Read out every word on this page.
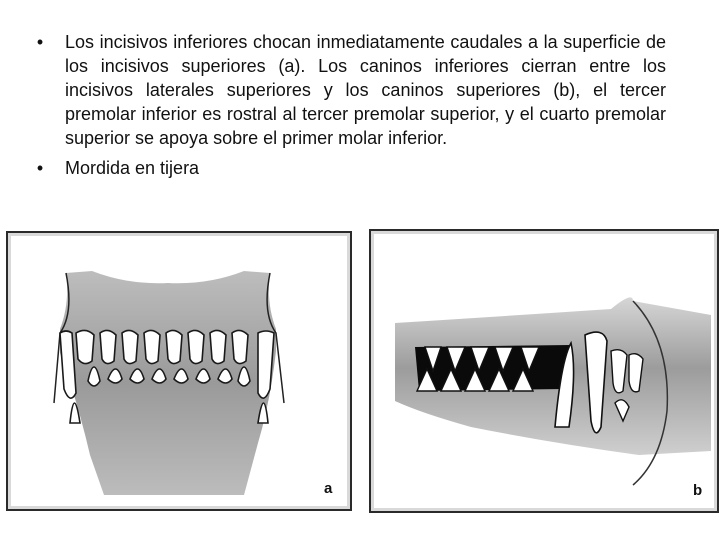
•	Los incisivos inferiores chocan inmediatamente caudales a la superficie de los incisivos superiores (a). Los caninos inferiores cierran entre los incisivos laterales superiores y los caninos superiores (b), el tercer premolar inferior es rostral al tercer premolar superior, y el cuarto premolar superior se apoya sobre el primer molar inferior.
•	Mordida en tijera
a	b
